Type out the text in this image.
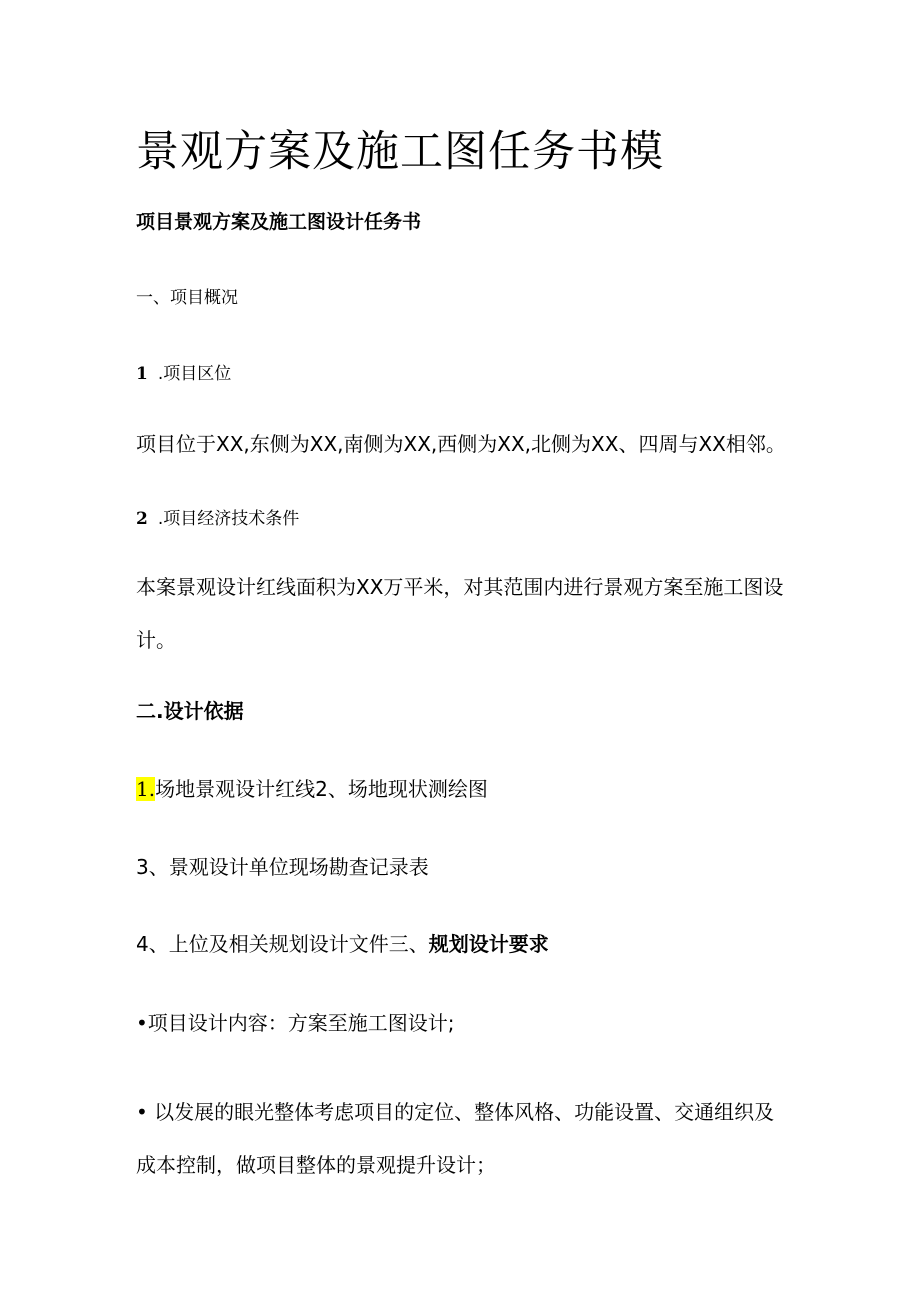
景观方案及施工图任务书模
项目景观方案及施工图设计任务书
一、项目概况
1 .项目区位
项目位于XX,东侧为XX,南侧为XX,西侧为XX,北侧为XX、四周与XX相邻。
2 .项目经济技术条件
本案景观设计红线面积为XX万平米，对其范围内进行景观方案至施工图设
计。
二.设计依据
1.场地景观设计红线2、场地现状测绘图
3、景观设计单位现场勘查记录表
4、上位及相关规划设计文件三、规划设计要求
•项目设计内容：方案至施工图设计;
• 以发展的眼光整体考虑项目的定位、整体风格、功能设置、交通组织及
成本控制，做项目整体的景观提升设计；
